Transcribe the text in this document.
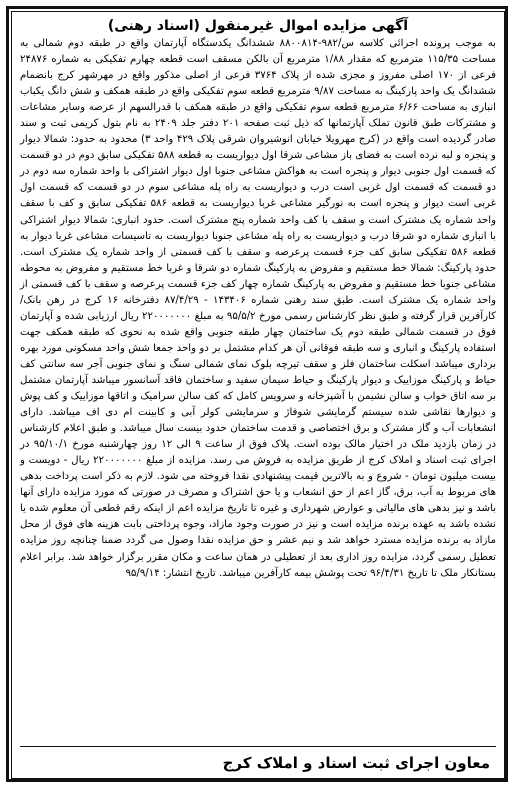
آگهی مزایده اموال غیرمنقول (اسناد رهنی)

به موجب پرونده اجرائی کلاسه س/۹۸۲-۸۸۰۰۸۱۴ ششدانگ یکدستگاه آپارتمان واقع در طبقه دوم شمالی به مساحت ۱۱۵/۳۵ مترمربع که مقدار ۱/۸۸ مترمربع آن بالکن مسقف است قطعه چهارم تفکیکی به شماره ۲۴۸۷۶ فرعی از ۱۷۰ اصلی مفروز و مجزی شده از پلاک ۳۷۶۴ فرعی از اصلی مذکور واقع در مهرشهر کرج بانضمام ششدانگ یک واحد پارکینگ به مساحت ۹/۸۷ مترمربع قطعه سوم تفکیکی واقع در طبقه همکف و شش دانگ یکباب انباری به مساحت ۶/۶۶ مترمربع قطعه سوم تفکیکی واقع در طبقه همکف با قدرالسهم از عرصه وسایر مشاعات و مشترکات طبق قانون تملک آپارتمانها که ذیل ثبت صفحه ۲۰۱ دفتر جلد ۲۴۰۹ به نام بتول کریمی ثبت و سند صادر گردیده است واقع در (کرج مهرویلا خیابان انوشیروان شرقی پلاک ۴۲۹ واحد ۳) محدود به حدود: شمالا دیوار و پنجره و لبه نرده است به فضای باز مشاعی شرقا اول دیواریست به قطعه ۵۸۸ تفکیکی سابق دوم در دو قسمت که قسمت اول جنوبی دیوار و پنجره است به هواکش مشاعی جنوبا اول دیوار اشتراکی با واحد شماره سه دوم در دو قسمت که قسمت اول غربی است درب و دیواریست به راه پله مشاعی سوم در دو قسمت که قسمت اول غربی است دیوار و پنجره است به نورگیر مشاعی غربا دیواریست به قطعه ۵۸۶ تفکیکی سابق و کف با سقف واحد شماره یک مشترک است و سقف با کف واحد شماره پنج مشترک است. حدود انباری: شمالا دیوار اشتراکی با انباری شماره دو شرقا درب و دیواریست به راه پله مشاعی جنوبا دیواریست به تاسیسات مشاعی غربا دیوار به قطعه ۵۸۶ تفکیکی سابق کف جزء قسمت پرعرصه و سقف با کف قسمتی از واحد شماره یک مشترک است. حدود پارکینگ: شمالا خط مستقیم و مفروض به پارکینگ شماره دو شرقا و غربا خط مستقیم و مفروض به محوطه مشاعی جنوبا خط مستقیم و مفروض به پارکینگ شماره چهار کف جزء قسمت پرعرصه و سقف با کف قسمتی از واحد شماره یک مشترک است. طبق سند رهنی شماره ۱۴۳۴۰۶ - ۸۷/۴/۲۹ دفترخانه ۱۶ کرج در رهن بانک/کارآفرین قرار گرفته و طبق نظر کارشناس رسمی مورخ ۹۵/۵/۲ به مبلغ ۲۲۰۰۰۰۰۰۰ ریال ارزیابی شده و آپارتمان فوق در قسمت شمالی طبقه دوم یک ساختمان چهار طبقه جنوبی واقع شده به نحوی که طبقه همکف جهت استفاده پارکینگ و انباری و سه طبقه فوقانی آن هر کدام مشتمل بر دو واحد جمعا شش واحد مسکونی مورد بهره برداری میباشد اسکلت ساختمان فلز و سقف تیرچه بلوک نمای شمالی سنگ و نمای جنوبی آجر سه سانتی کف حیاط و پارکینگ موزاییک و دیوار پارکینگ و حیاط سیمان سفید و ساختمان فاقد آسانسور میباشد آپارتمان مشتمل بر سه اتاق خواب و سالن نشیمن با آشپزخانه و سرویس کامل که کف سالن سرامیک و اتاقها موزاییک و کف پوش و دیوارها نقاشی شده سیستم گرمایشی شوفاژ و سرمایشی کولر آبی و کابینت ام دی اف میباشد. دارای انشعابات آب و گاز مشترک و برق اختصاصی و قدمت ساختمان حدود بیست سال میباشد. و طبق اعلام کارشناس در زمان بازدید ملک در اختیار مالک بوده است. پلاک فوق از ساعت ۹ الی ۱۲ روز چهارشنبه مورخ ۹۵/۱۰/۱ در اجرای ثبت اسناد و املاک کرج از طریق مزایده به فروش می رسد. مزایده از مبلغ ۲۲۰۰۰۰۰۰۰ ریال - دویست و بیست میلیون تومان - شروع و به بالاترین قیمت پیشنهادی نقدا فروخته می شود. لازم به ذکر است پرداخت بدهی های مربوط به آب، برق، گاز اعم از حق انشعاب و یا حق اشتراک و مصرف در صورتی که مورد مزایده دارای آنها باشد و نیز بدهی های مالیاتی و عوارض شهرداری و غیره تا تاریخ مزایده اعم از اینکه رقم قطعی آن معلوم شده یا نشده باشد به عهده برنده مزایده است و نیز در صورت وجود مازاد، وجوه پرداختی بابت هزینه های فوق از محل مازاد به برنده مزایده مسترد خواهد شد و نیم عشر و حق مزایده نقدا وصول می گردد ضمنا چنانچه روز مزایده تعطیل رسمی گردد، مزایده روز اداری بعد از تعطیلی در همان ساعت و مکان مقرر برگزار خواهد شد. برابر اعلام بستانکار ملک تا تاریخ ۹۶/۴/۳۱ تحت پوشش بیمه کارآفرین میباشد. تاریخ انتشار: ۹۵/۹/۱۴

معاون اجرای ثبت اسناد و املاک کرج
